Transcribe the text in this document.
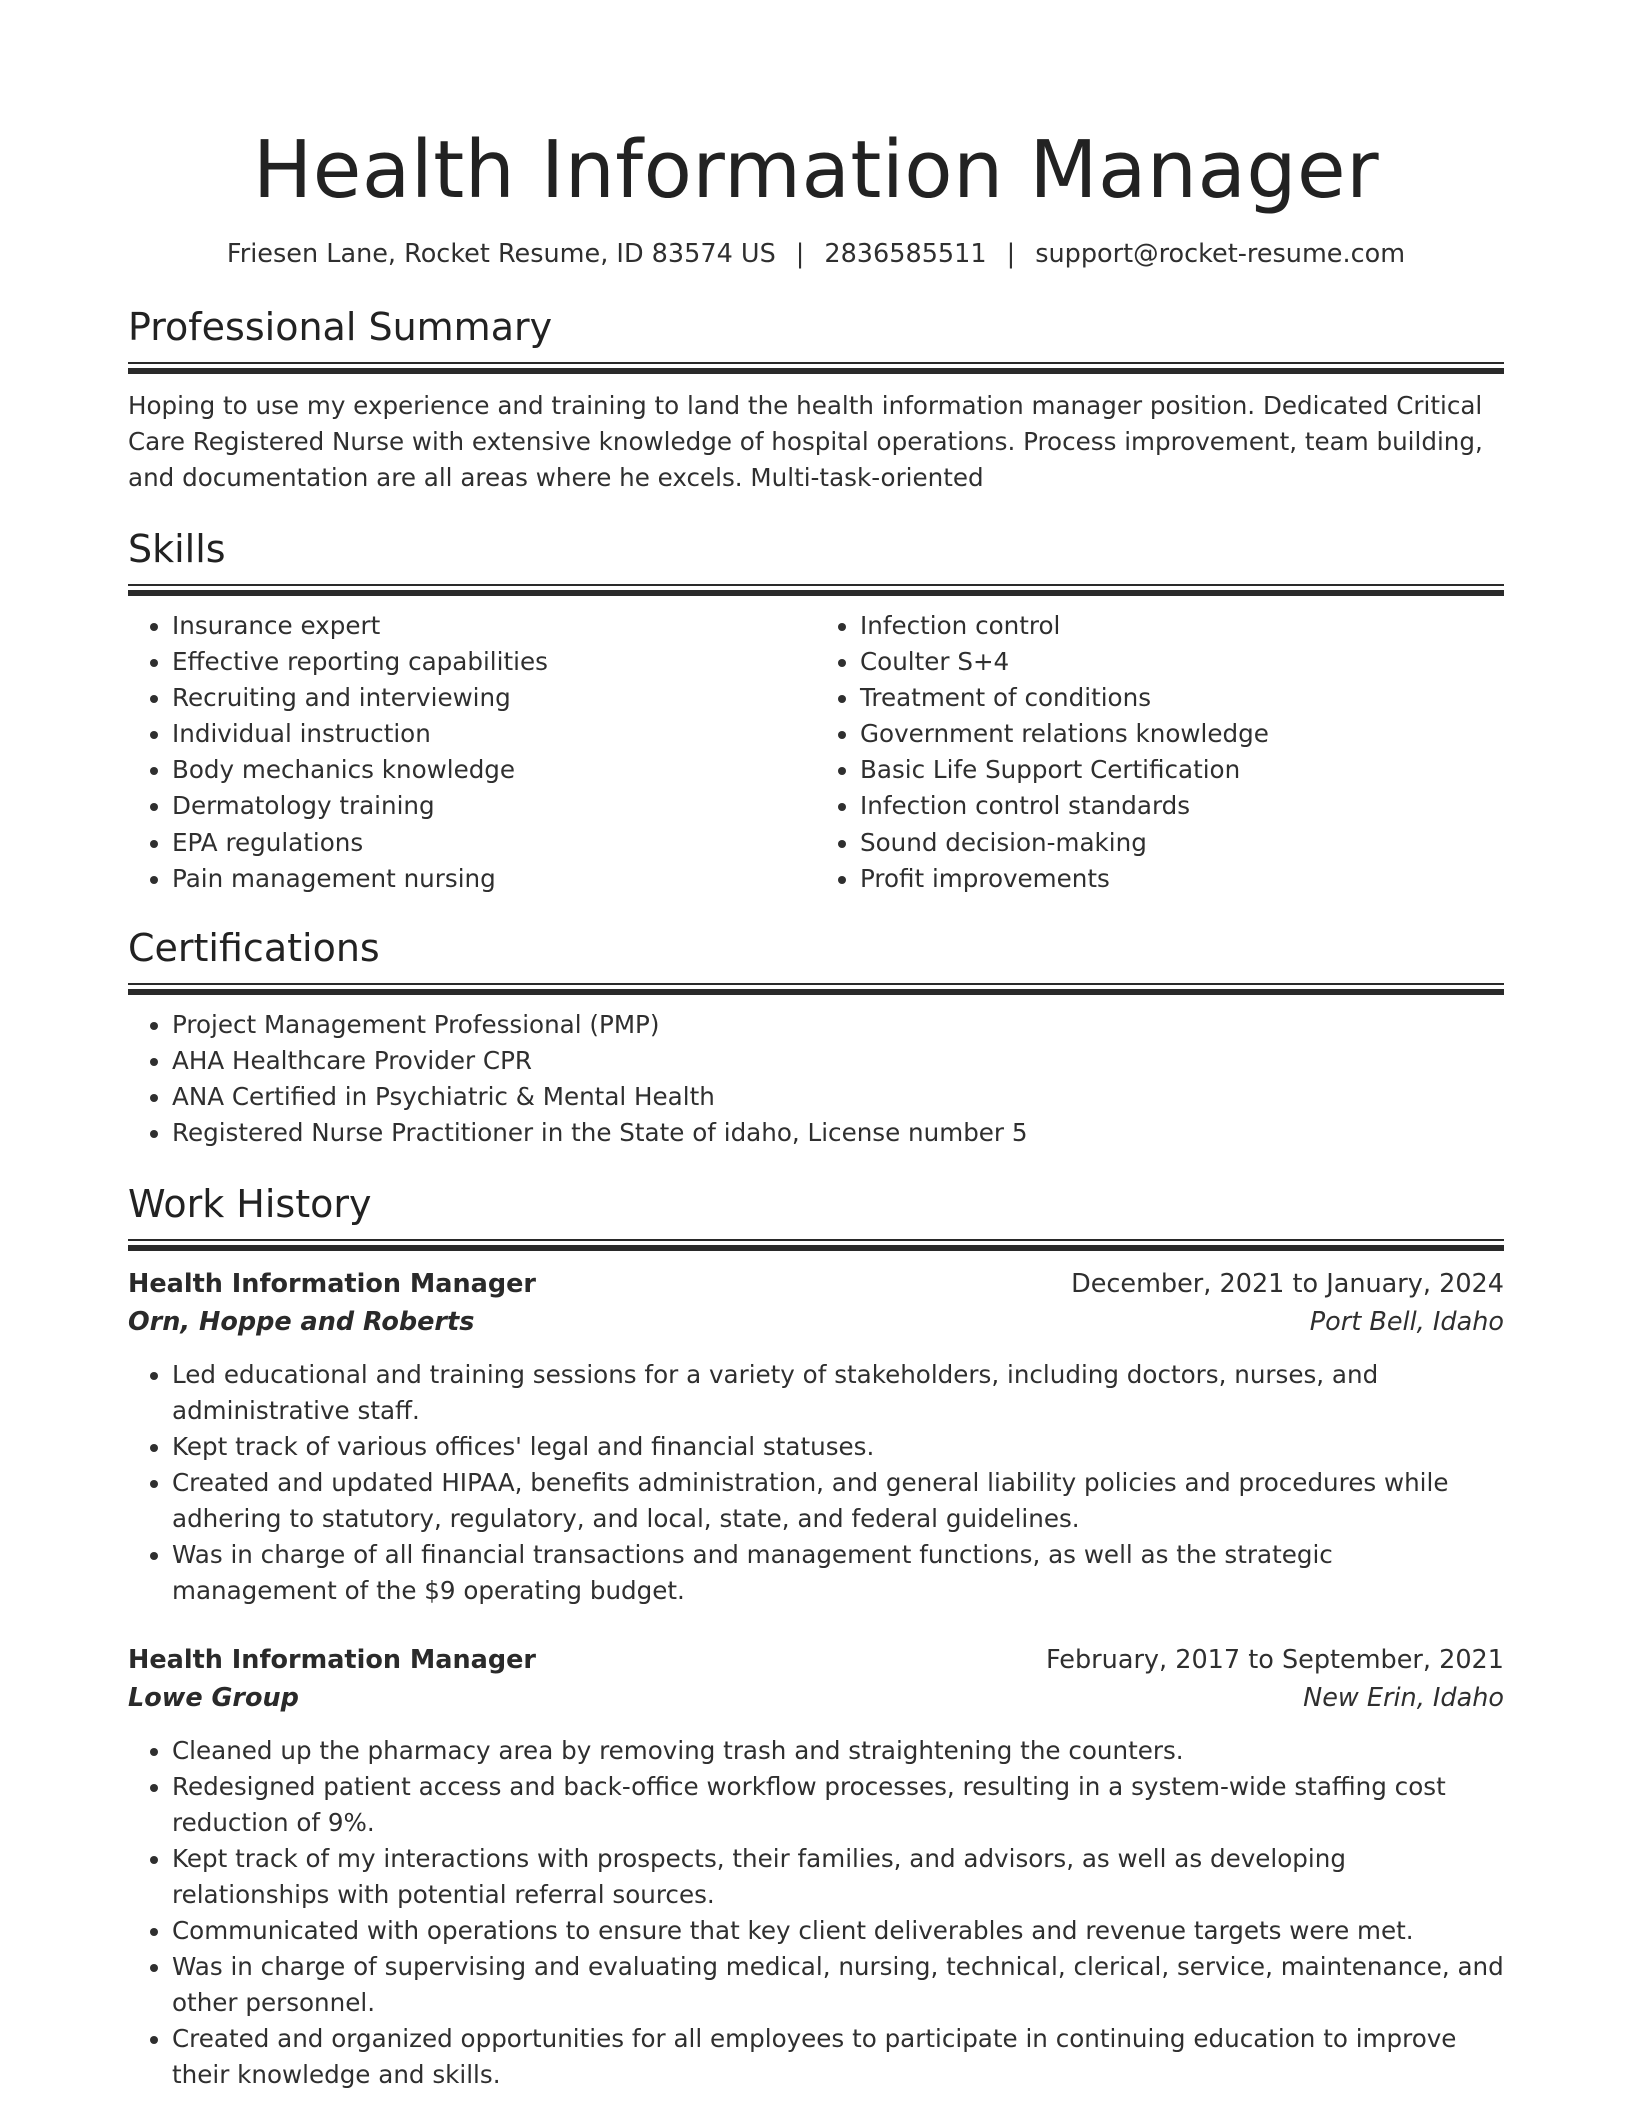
Health Information Manager
Friesen Lane, Rocket Resume, ID 83574 US | 2836585511 | support@rocket-resume.com
Professional Summary

Hoping to use my experience and training to land the health information manager position. Dedicated Critical Care Registered Nurse with extensive knowledge of hospital operations. Process improvement, team building, and documentation are all areas where he excels. Multi-task-oriented

Skills
• Insurance expert
• Effective reporting capabilities
• Recruiting and interviewing
• Individual instruction
• Body mechanics knowledge
• Dermatology training
• EPA regulations
• Pain management nursing
• Infection control
• Coulter S+4
• Treatment of conditions
• Government relations knowledge
• Basic Life Support Certification
• Infection control standards
• Sound decision-making
• Profit improvements
Certifications
• Project Management Professional (PMP)
• AHA Healthcare Provider CPR
• ANA Certified in Psychiatric & Mental Health
• Registered Nurse Practitioner in the State of idaho, License number 5
Work History
Health Information Manager	December, 2021 to January, 2024
Orn, Hoppe and Roberts	Port Bell, Idaho
• Led educational and training sessions for a variety of stakeholders, including doctors, nurses, and administrative staff.
• Kept track of various offices' legal and financial statuses.
• Created and updated HIPAA, benefits administration, and general liability policies and procedures while adhering to statutory, regulatory, and local, state, and federal guidelines.
• Was in charge of all financial transactions and management functions, as well as the strategic management of the $9 operating budget.
Health Information Manager	February, 2017 to September, 2021
Lowe Group	New Erin, Idaho
• Cleaned up the pharmacy area by removing trash and straightening the counters.
• Redesigned patient access and back-office workflow processes, resulting in a system-wide staffing cost reduction of 9%.
• Kept track of my interactions with prospects, their families, and advisors, as well as developing relationships with potential referral sources.
• Communicated with operations to ensure that key client deliverables and revenue targets were met.
• Was in charge of supervising and evaluating medical, nursing, technical, clerical, service, maintenance, and other personnel.
• Created and organized opportunities for all employees to participate in continuing education to improve their knowledge and skills.
